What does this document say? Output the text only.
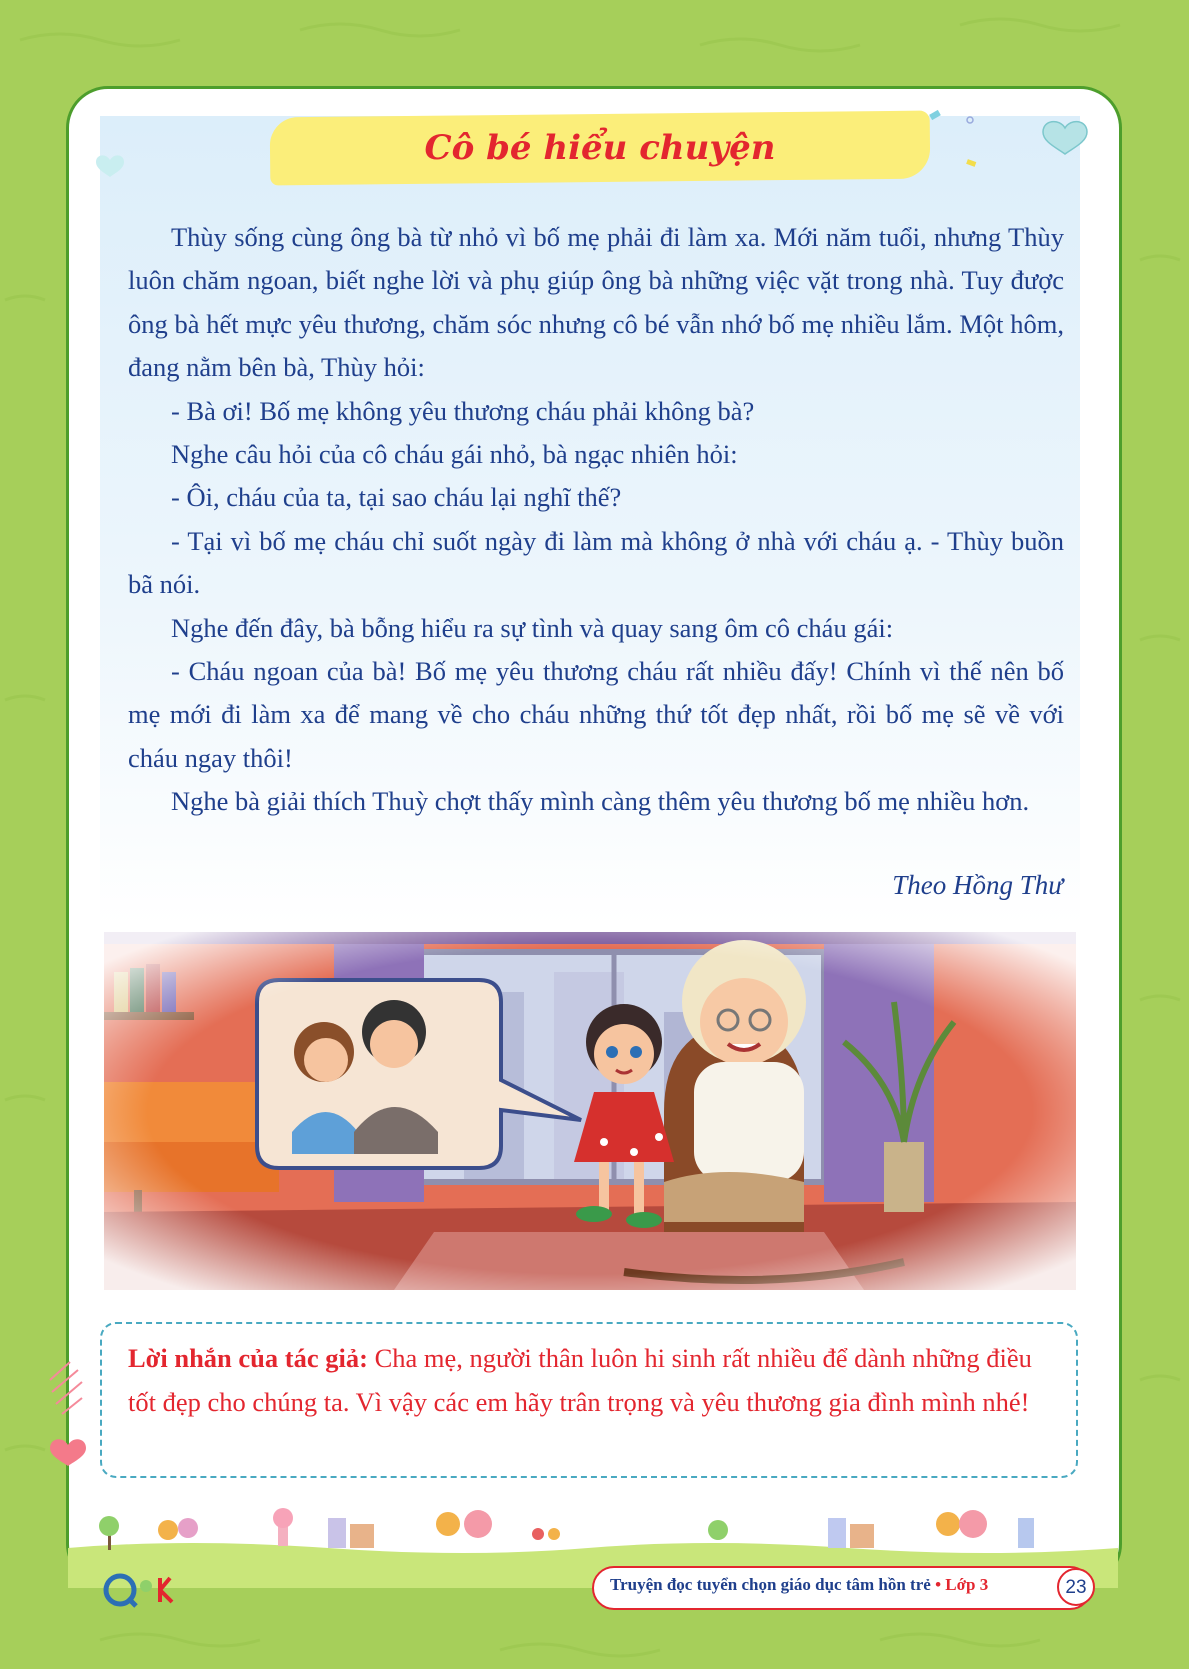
Cô bé hiểu chuyện

Thùy sống cùng ông bà từ nhỏ vì bố mẹ phải đi làm xa. Mới năm tuổi, nhưng Thùy luôn chăm ngoan, biết nghe lời và phụ giúp ông bà những việc vặt trong nhà. Tuy được ông bà hết mực yêu thương, chăm sóc nhưng cô bé vẫn nhớ bố mẹ nhiều lắm. Một hôm, đang nằm bên bà, Thùy hỏi:

- Bà ơi! Bố mẹ không yêu thương cháu phải không bà?

Nghe câu hỏi của cô cháu gái nhỏ, bà ngạc nhiên hỏi:

- Ôi, cháu của ta, tại sao cháu lại nghĩ thế?

- Tại vì bố mẹ cháu chỉ suốt ngày đi làm mà không ở nhà với cháu ạ. - Thùy buồn bã nói.

Nghe đến đây, bà bỗng hiểu ra sự tình và quay sang ôm cô cháu gái:

- Cháu ngoan của bà! Bố mẹ yêu thương cháu rất nhiều đấy! Chính vì thế nên bố mẹ mới đi làm xa để mang về cho cháu những thứ tốt đẹp nhất, rồi bố mẹ sẽ về với cháu ngay thôi!

Nghe bà giải thích Thuỳ chợt thấy mình càng thêm yêu thương bố mẹ nhiều hơn.

Theo Hồng Thư

Lời nhắn của tác giả: Cha mẹ, người thân luôn hi sinh rất nhiều để dành những điều tốt đẹp cho chúng ta. Vì vậy các em hãy trân trọng và yêu thương gia đình mình nhé!

Truyện đọc tuyển chọn giáo dục tâm hồn trẻ • Lớp 3	23
